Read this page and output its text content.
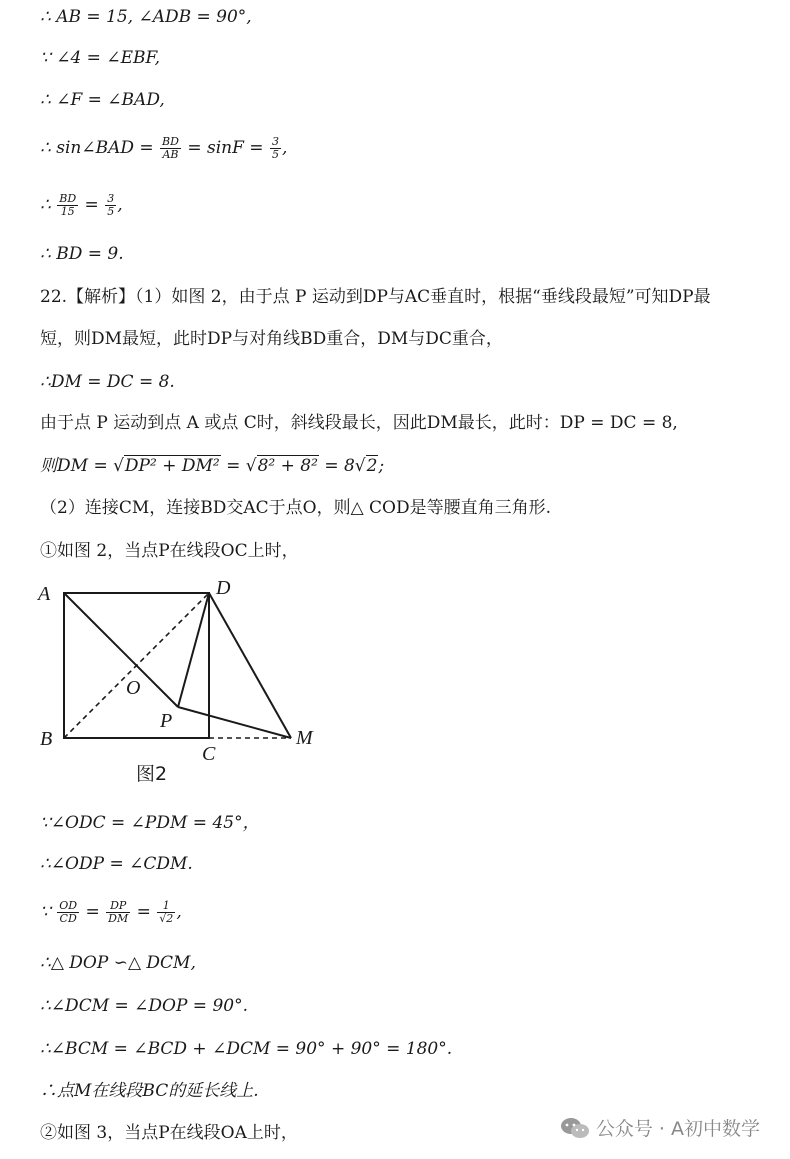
∴ AB = 15, ∠ADB = 90°,
∵ ∠4 = ∠EBF,
∴ ∠F = ∠BAD,
∴ sin∠BAD = $\frac{BD}{AB} = \sin F = \frac{3}{5}$ ,
∴ $\frac{BD}{15} = \frac{3}{5}$ ,
∴ BD = 9.
22.【解析】（1）如图 2，由于点 P 运动到DP与AC垂直时，根据“垂线段最短”可知DP最
短，则DM最短，此时DP与对角线BD重合，DM与DC重合，
∴DM = DC = 8.
由于点 P 运动到点 A 或点 C时，斜线段最长，因此DM最长，此时：DP = DC = 8,
则DM = √DP² + DM² = √8² + 8² = 8√2;
（2）连接CM，连接BD交AC于点O，则△ COD是等腰直角三角形.
①如图 2，当点P在线段OC上时，
A	D
O
P
B
C
M
图2
∵∠ODC = ∠PDM = 45°，
∴∠ODP = ∠CDM.
∵ $\frac{OD}{CD} = \frac{DP}{DM} = \frac{1}{√2}$ ,
∴△ DOP ∽△ DCM,
∴∠DCM = ∠DOP = 90°.
∴∠BCM = ∠BCD + ∠DCM = 90° + 90° = 180°.
∴点M在线段BC的延长线上.
②如图 3，当点P在线段OA上时，	公众号 · A初中数学
